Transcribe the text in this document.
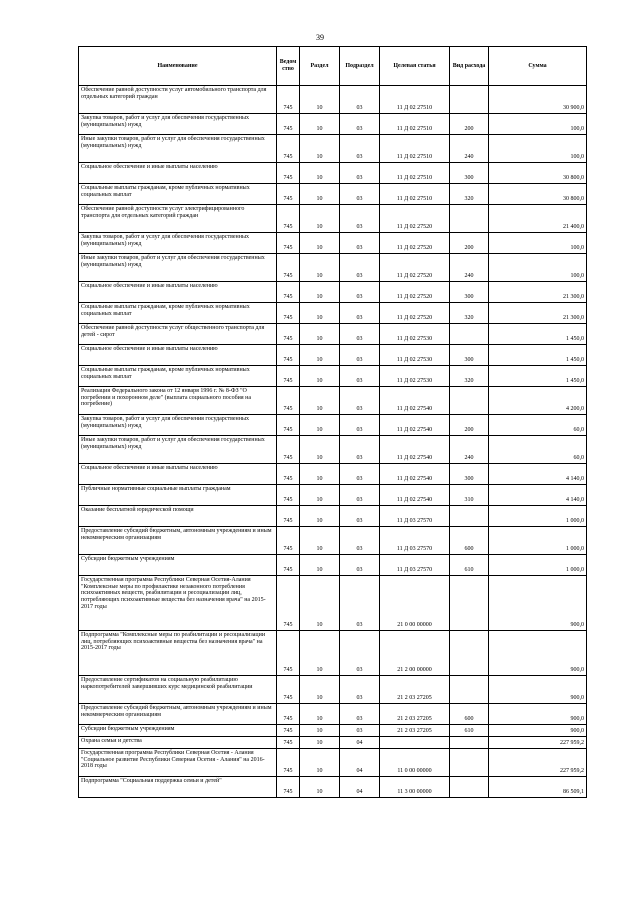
39
Наименование	Ведом ство	Раздел	Подраздел	Целевая статья	Вид расхода	Сумма
Обеспечение равной доступности услуг автомобильного транспорта для отдельных категорий граждан	745	10	03	11 Д 02 27510		30 900,0
Закупка товаров, работ и услуг для обеспечения государственных (муниципальных) нужд	745	10	03	11 Д 02 27510	200	100,0
Иные закупки товаров, работ и услуг для обеспечения государственных (муниципальных) нужд	745	10	03	11 Д 02 27510	240	100,0
Социальное обеспечение и иные выплаты населению	745	10	03	11 Д 02 27510	300	30 800,0
Социальные выплаты гражданам, кроме публичных нормативных социальных выплат	745	10	03	11 Д 02 27510	320	30 800,0
Обеспечение равной доступности услуг электрифицированного транспорта для отдельных категорий граждан	745	10	03	11 Д 02 27520		21 400,0
Закупка товаров, работ и услуг для обеспечения государственных (муниципальных) нужд	745	10	03	11 Д 02 27520	200	100,0
Иные закупки товаров, работ и услуг для обеспечения государственных (муниципальных) нужд	745	10	03	11 Д 02 27520	240	100,0
Социальное обеспечение и иные выплаты населению	745	10	03	11 Д 02 27520	300	21 300,0
Социальные выплаты гражданам, кроме публичных нормативных социальных выплат	745	10	03	11 Д 02 27520	320	21 300,0
Обеспечение равной доступности услуг общественного транспорта для детей - сирот	745	10	03	11 Д 02 27530		1 450,0
Социальное обеспечение и иные выплаты населению	745	10	03	11 Д 02 27530	300	1 450,0
Социальные выплаты гражданам, кроме публичных нормативных социальных выплат	745	10	03	11 Д 02 27530	320	1 450,0
Реализация Федерального закона от 12 января 1996 г. № 8-ФЗ "О погребении и похоронном деле" (выплата социального пособия на погребение)	745	10	03	11 Д 02 27540		4 200,0
Закупка товаров, работ и услуг для обеспечения государственных (муниципальных) нужд	745	10	03	11 Д 02 27540	200	60,0
Иные закупки товаров, работ и услуг для обеспечения государственных (муниципальных) нужд	745	10	03	11 Д 02 27540	240	60,0
Социальное обеспечение и иные выплаты населению	745	10	03	11 Д 02 27540	300	4 140,0
Публичные нормативные социальные выплаты гражданам	745	10	03	11 Д 02 27540	310	4 140,0
Оказание бесплатной юридической помощи	745	10	03	11 Д 03 27570		1 000,0
Предоставление субсидий бюджетным, автономным учреждениям и иным некоммерческим организациям	745	10	03	11 Д 03 27570	600	1 000,0
Субсидии бюджетным учреждениям	745	10	03	11 Д 03 27570	610	1 000,0
Государственная программа Республики Северная Осетия-Алания "Комплексные меры по профилактике незаконного потребления психоактивных веществ, реабилитации и ресоциализации лиц, потребляющих психоактивные вещества без назначения врача" на 2015-2017 годы	745	10	03	21 0 00 00000		900,0
Подпрограмма "Комплексные меры по реабилитации и ресоциализации лиц, потребляющих психоактивные вещества без назначения врача" на 2015-2017 годы	745	10	03	21 2 00 00000		900,0
Предоставление сертификатов на социальную реабилитацию наркопотребителей завершивших курс медицинской реабилитации	745	10	03	21 2 03 27205		900,0
Предоставление субсидий бюджетным, автономным учреждениям и иным некоммерческим организациям	745	10	03	21 2 03 27205	600	900,0
Субсидии бюджетным учреждениям	745	10	03	21 2 03 27205	610	900,0
Охрана семьи и детства	745	10	04			227 959,2
Государственная программа Республики Северная Осетия - Алания "Социальное развитие Республики Северная Осетия - Алания" на 2016-2018 годы	745	10	04	11 0 00 00000		227 959,2
Подпрограмма "Социальная поддержка семьи и детей"	745	10	04	11 3 00 00000		86 509,1
